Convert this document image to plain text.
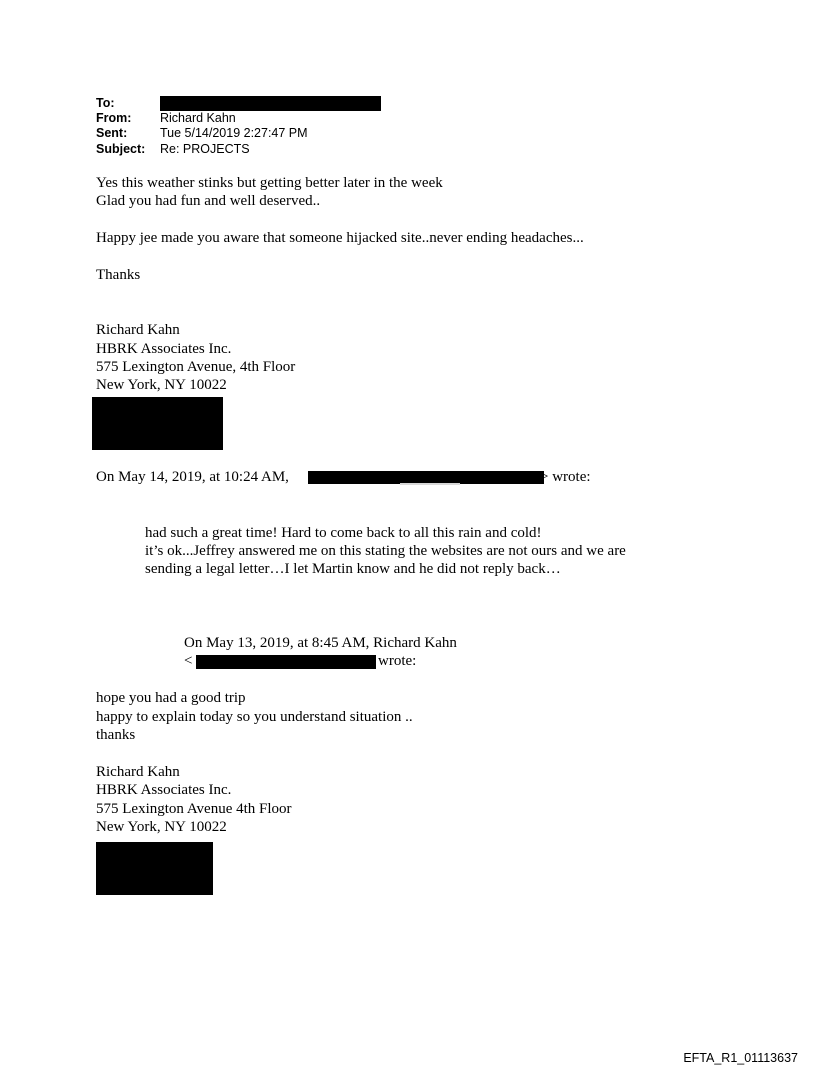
To:
From: Richard Kahn
Sent:	Tue 5/14/2019 2:27:47 PM
Subject: Re: PROJECTS
Yes this weather stinks but getting better later in the week
Glad you had fun and well deserved..
Happy jee made you aware that someone hijacked site..never ending headaches...
Thanks
Richard Kahn
HBRK Associates Inc.
575 Lexington Avenue, 4th Floor
New York, NY 10022
On May 14, 2019, at 10:24 AM,	> wrote:
had such a great time! Hard to come back to all this rain and cold!
it’s ok...Jeffrey answered me on this stating the websites are not ours and we are
sending a legal letter…I let Martin know and he did not reply back…
On May 13, 2019, at 8:45 AM, Richard Kahn
<	wrote:
hope you had a good trip
happy to explain today so you understand situation ..
thanks
Richard Kahn
HBRK Associates Inc.
575 Lexington Avenue 4th Floor
New York, NY 10022
EFTA_R1_01113637
